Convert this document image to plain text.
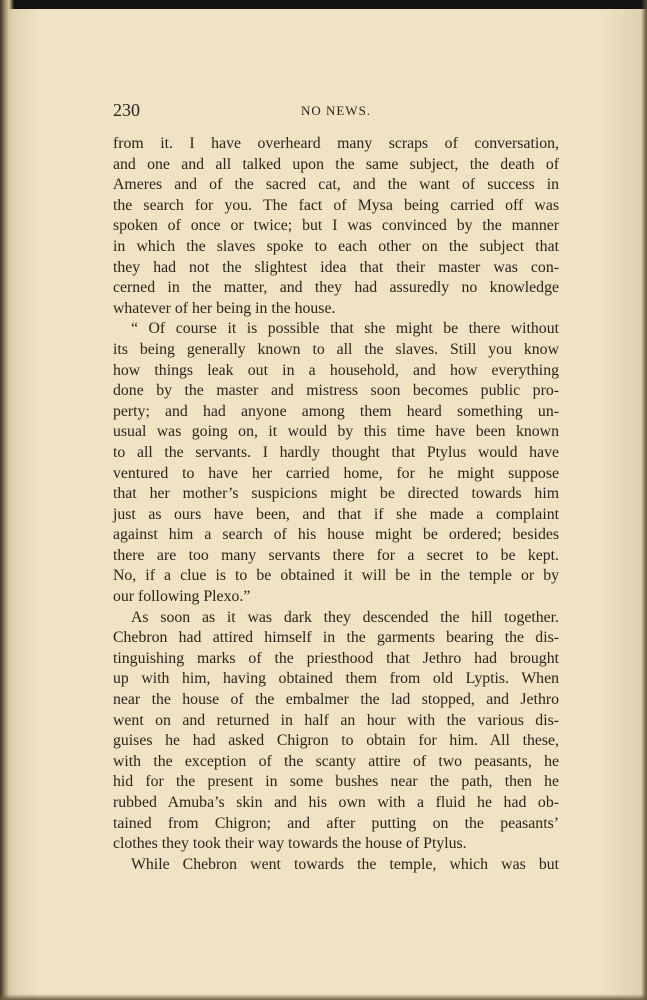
230	NO NEWS.
from it. I have overheard many scraps of conversation,
and one and all talked upon the same subject, the death of
Ameres and of the sacred cat, and the want of success in
the search for you. The fact of Mysa being carried off was
spoken of once or twice; but I was convinced by the manner
in which the slaves spoke to each other on the subject that
they had not the slightest idea that their master was con-
cerned in the matter, and they had assuredly no knowledge
whatever of her being in the house.
“ Of course it is possible that she might be there without
its being generally known to all the slaves. Still you know
how things leak out in a household, and how everything
done by the master and mistress soon becomes public pro-
perty; and had anyone among them heard something un-
usual was going on, it would by this time have been known
to all the servants. I hardly thought that Ptylus would have
ventured to have her carried home, for he might suppose
that her mother’s suspicions might be directed towards him
just as ours have been, and that if she made a complaint
against him a search of his house might be ordered; besides
there are too many servants there for a secret to be kept.
No, if a clue is to be obtained it will be in the temple or by
our following Plexo.”
As soon as it was dark they descended the hill together.
Chebron had attired himself in the garments bearing the dis-
tinguishing marks of the priesthood that Jethro had brought
up with him, having obtained them from old Lyptis. When
near the house of the embalmer the lad stopped, and Jethro
went on and returned in half an hour with the various dis-
guises he had asked Chigron to obtain for him. All these,
with the exception of the scanty attire of two peasants, he
hid for the present in some bushes near the path, then he
rubbed Amuba’s skin and his own with a fluid he had ob-
tained from Chigron; and after putting on the peasants’
clothes they took their way towards the house of Ptylus.
While Chebron went towards the temple, which was but
